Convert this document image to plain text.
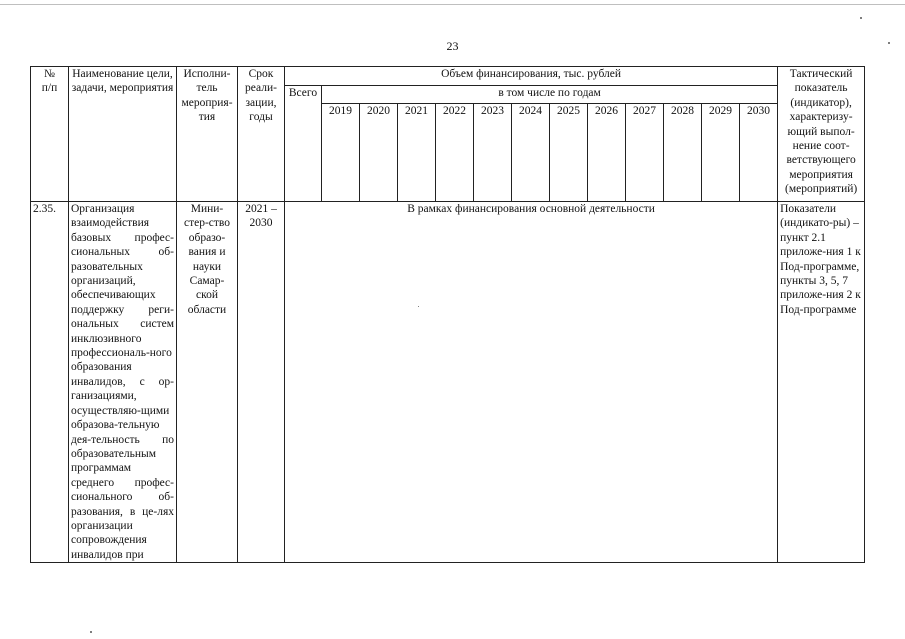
23
№
п/п	Наименование цели, задачи, мероприятия	Исполни-тель мероприя-тия	Срок реали-зации, годы	Объем финансирования, тыс. рублей													Тактический показатель (индикатор), характеризу-ющий выпол-нение соот-ветствующего мероприятия (мероприятий)
				Всего	в том числе по годам												
					2019	2020	2021	2022	2023	2024	2025	2026	2027	2028	2029	2030	
2.35.	Организация взаимодействия базовых профес-сиональных об-разовательных организаций, обеспечивающих поддержку реги-ональных систем инклюзивного профессиональ-ного образования инвалидов, с ор-ганизациями, осуществляю-щими образова-тельную дея-тельность по образовательным программам среднего профес-сионального об-разования, в це-лях организации сопровождения инвалидов при	Мини-стер-ство образо-вания и науки Самар-ской области	2021 – 2030	В рамках финансирования основной деятельности													Показатели (индикато-ры) – пункт 2.1 приложе-ния 1 к Под-программе, пункты 3, 5, 7 приложе-ния 2 к Под-программе
